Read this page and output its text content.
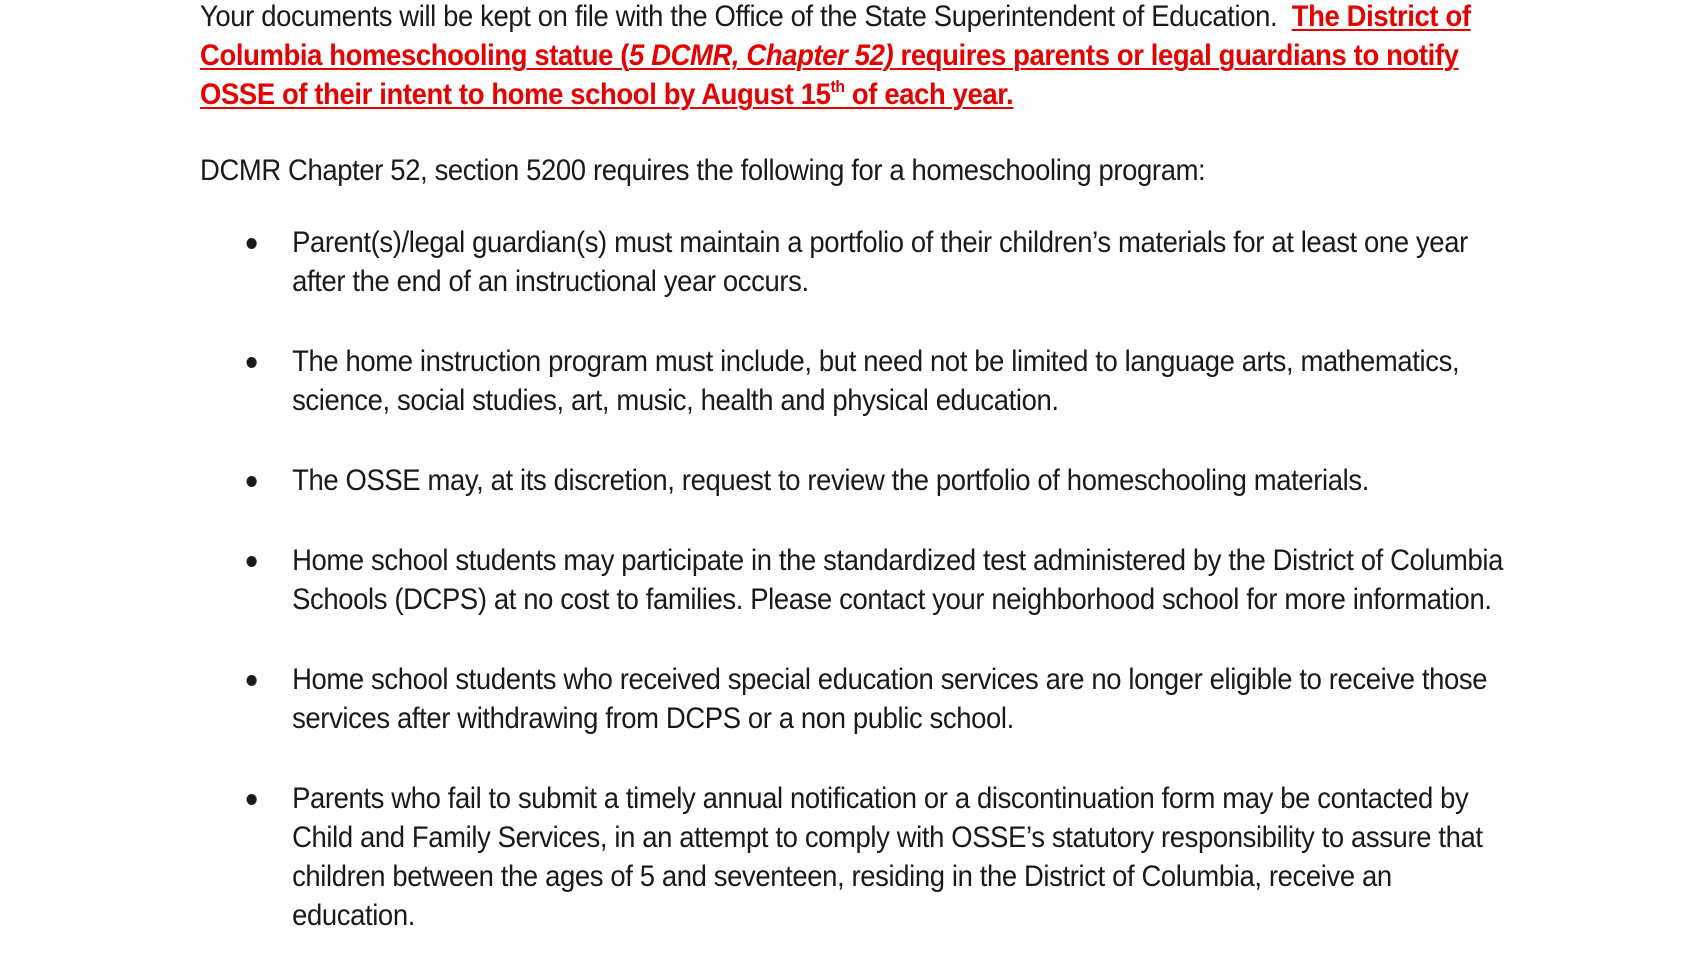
Your documents will be kept on file with the Office of the State Superintendent of Education. The District of Columbia homeschooling statue (5 DCMR, Chapter 52) requires parents or legal guardians to notify OSSE of their intent to home school by August 15th of each year.

DCMR Chapter 52, section 5200 requires the following for a homeschooling program:

Parent(s)/legal guardian(s) must maintain a portfolio of their children’s materials for at least one year after the end of an instructional year occurs.
The home instruction program must include, but need not be limited to language arts, mathematics, science, social studies, art, music, health and physical education.
The OSSE may, at its discretion, request to review the portfolio of homeschooling materials.
Home school students may participate in the standardized test administered by the District of Columbia Schools (DCPS) at no cost to families. Please contact your neighborhood school for more information.
Home school students who received special education services are no longer eligible to receive those services after withdrawing from DCPS or a non public school.
Parents who fail to submit a timely annual notification or a discontinuation form may be contacted by Child and Family Services, in an attempt to comply with OSSE’s statutory responsibility to assure that children between the ages of 5 and seventeen, residing in the District of Columbia, receive an education.
